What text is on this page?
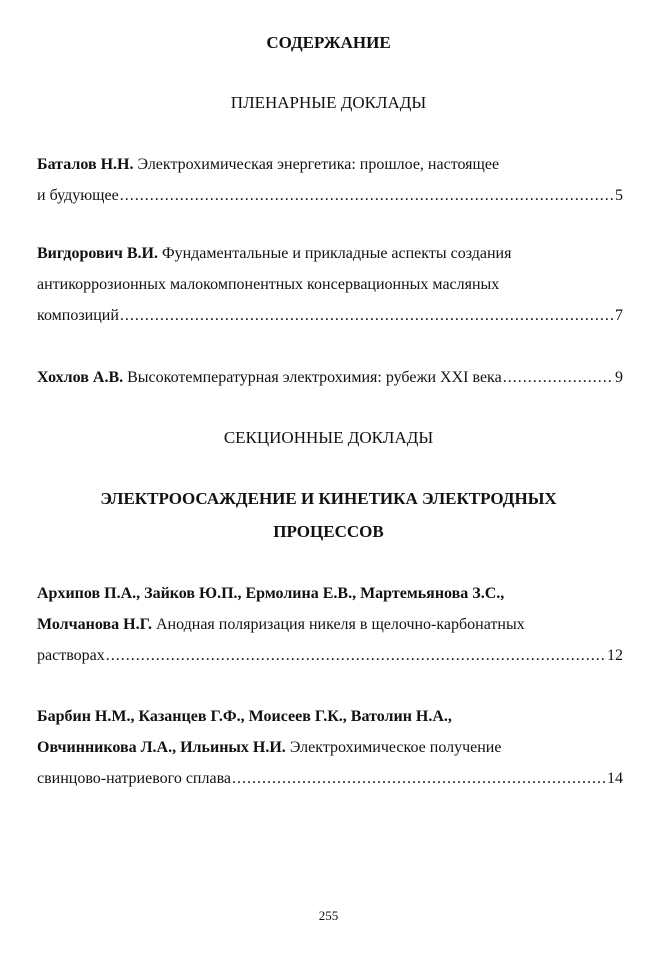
СОДЕРЖАНИЕ
ПЛЕНАРНЫЕ ДОКЛАДЫ
Баталов Н.Н. Электрохимическая энергетика: прошлое, настоящее
и будующее .....	5
Вигдорович В.И. Фундаментальные и прикладные аспекты создания
антикоррозионных малокомпонентных консервационных масляных
композиций .....	7
Хохлов А.В. Высокотемпературная электрохимия: рубежи XXI века .....	9
СЕКЦИОННЫЕ ДОКЛАДЫ
ЭЛЕКТРООСАЖДЕНИЕ И КИНЕТИКА ЭЛЕКТРОДНЫХ
ПРОЦЕССОВ
Архипов П.А., Зайков Ю.П., Ермолина Е.В., Мартемьянова З.С.,
Молчанова Н.Г. Анодная поляризация никеля в щелочно-карбонатных
растворах .....	12
Барбин Н.М., Казанцев Г.Ф., Моисеев Г.К., Ватолин Н.А.,
Овчинникова Л.А., Ильиных Н.И. Электрохимическое получение
свинцово-натриевого сплава .....	14
255
